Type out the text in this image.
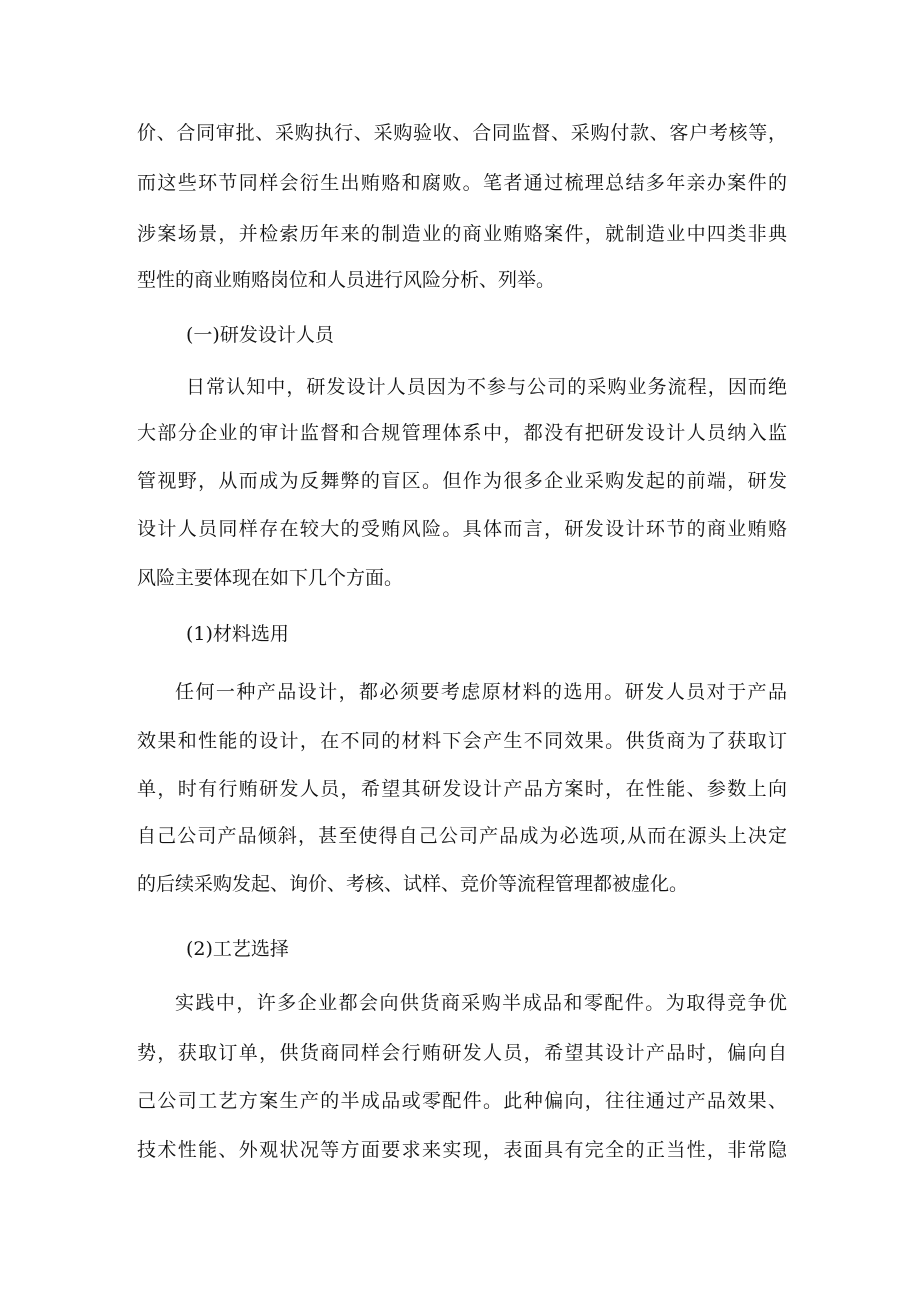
价、合同审批、采购执行、采购验收、合同监督、采购付款、客户考核等，

而这些环节同样会衍生出贿赂和腐败。笔者通过梳理总结多年亲办案件的

涉案场景，并检索历年来的制造业的商业贿赂案件，就制造业中四类非典

型性的商业贿赂岗位和人员进行风险分析、列举。

(一)研发设计人员

日常认知中，研发设计人员因为不参与公司的采购业务流程，因而绝

大部分企业的审计监督和合规管理体系中，都没有把研发设计人员纳入监

管视野，从而成为反舞弊的盲区。但作为很多企业采购发起的前端，研发

设计人员同样存在较大的受贿风险。具体而言，研发设计环节的商业贿赂

风险主要体现在如下几个方面。

(1)材料选用

任何一种产品设计，都必须要考虑原材料的选用。研发人员对于产品

效果和性能的设计，在不同的材料下会产生不同效果。供货商为了获取订

单，时有行贿研发人员，希望其研发设计产品方案时，在性能、参数上向

自己公司产品倾斜，甚至使得自己公司产品成为必选项,从而在源头上决定

的后续采购发起、询价、考核、试样、竞价等流程管理都被虚化。

(2)工艺选择

实践中，许多企业都会向供货商采购半成品和零配件。为取得竞争优

势，获取订单，供货商同样会行贿研发人员，希望其设计产品时，偏向自

己公司工艺方案生产的半成品或零配件。此种偏向，往往通过产品效果、

技术性能、外观状况等方面要求来实现，表面具有完全的正当性，非常隐
